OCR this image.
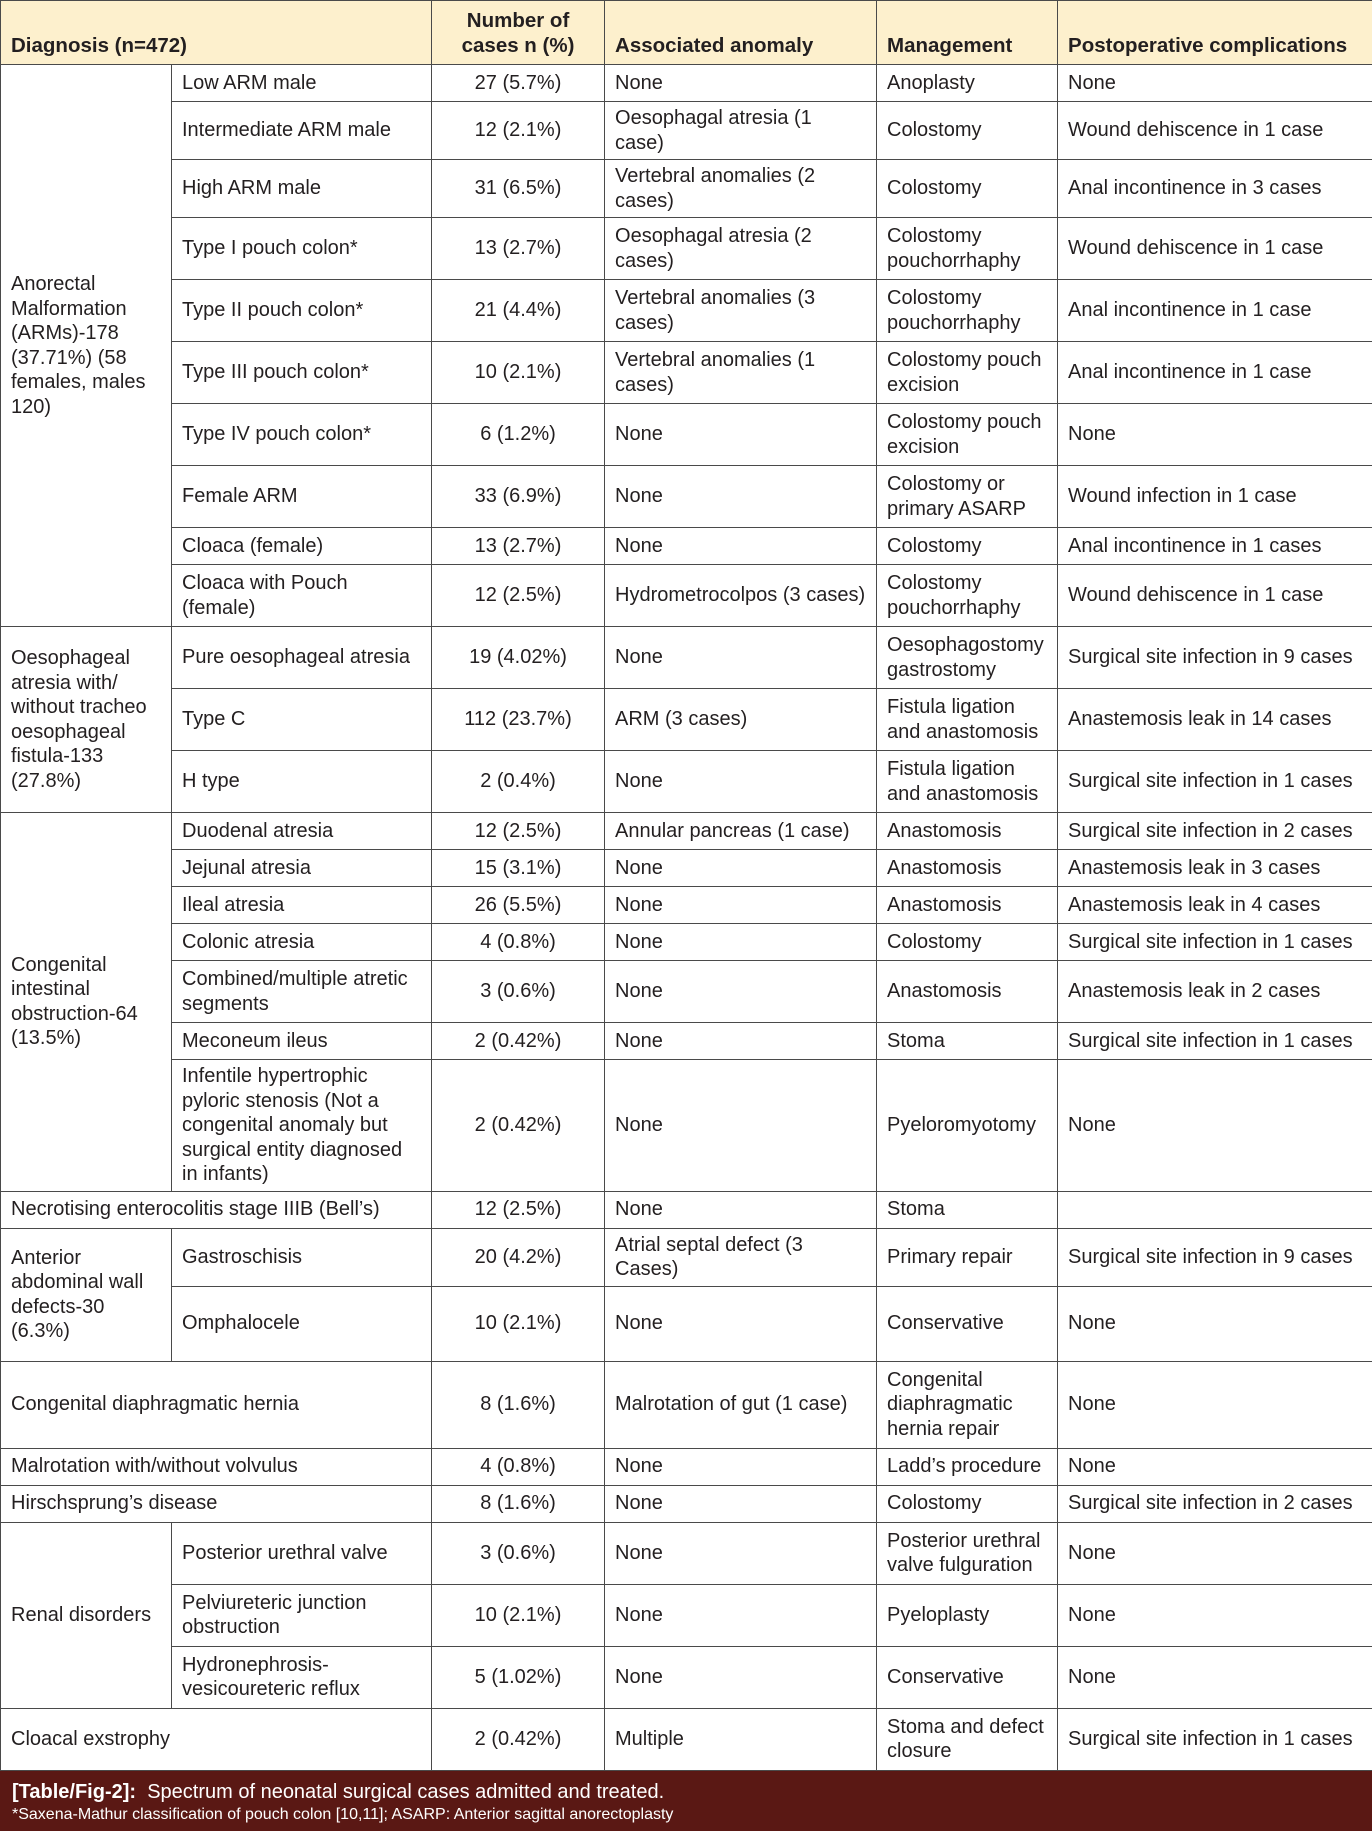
Diagnosis (n=472)		Number of cases n (%)	Associated anomaly	Management	Postoperative complications
Anorectal Malformation (ARMs)-178 (37.71%) (58 females, males 120)	Low ARM male	27 (5.7%)	None	Anoplasty	None
	Intermediate ARM male	12 (2.1%)	Oesophagal atresia (1 case)	Colostomy	Wound dehiscence in 1 case
	High ARM male	31 (6.5%)	Vertebral anomalies (2 cases)	Colostomy	Anal incontinence in 3 cases
	Type I pouch colon*	13 (2.7%)	Oesophagal atresia (2 cases)	Colostomy pouchorrhaphy	Wound dehiscence in 1 case
	Type II pouch colon*	21 (4.4%)	Vertebral anomalies (3 cases)	Colostomy pouchorrhaphy	Anal incontinence in 1 case
	Type III pouch colon*	10 (2.1%)	Vertebral anomalies (1 cases)	Colostomy pouch excision	Anal incontinence in 1 case
	Type IV pouch colon*	6 (1.2%)	None	Colostomy pouch excision	None
	Female ARM	33 (6.9%)	None	Colostomy or primary ASARP	Wound infection in 1 case
	Cloaca (female)	13 (2.7%)	None	Colostomy	Anal incontinence in 1 cases
	Cloaca with Pouch (female)	12 (2.5%)	Hydrometrocolpos (3 cases)	Colostomy pouchorrhaphy	Wound dehiscence in 1 case
Oesophageal atresia with/ without tracheo oesophageal fistula-133 (27.8%)	Pure oesophageal atresia	19 (4.02%)	None	Oesophagostomy gastrostomy	Surgical site infection in 9 cases
	Type C	112 (23.7%)	ARM (3 cases)	Fistula ligation and anastomosis	Anastemosis leak in 14 cases
	H type	2 (0.4%)	None	Fistula ligation and anastomosis	Surgical site infection in 1 cases
Congenital intestinal obstruction-64 (13.5%)	Duodenal atresia	12 (2.5%)	Annular pancreas (1 case)	Anastomosis	Surgical site infection in 2 cases
	Jejunal atresia	15 (3.1%)	None	Anastomosis	Anastemosis leak in 3 cases
	Ileal atresia	26 (5.5%)	None	Anastomosis	Anastemosis leak in 4 cases
	Colonic atresia	4 (0.8%)	None	Colostomy	Surgical site infection in 1 cases
	Combined/multiple atretic segments	3 (0.6%)	None	Anastomosis	Anastemosis leak in 2 cases
	Meconeum ileus	2 (0.42%)	None	Stoma	Surgical site infection in 1 cases
	Infentile hypertrophic pyloric stenosis (Not a congenital anomaly but surgical entity diagnosed in infants)	2 (0.42%)	None	Pyeloromyotomy	None
Necrotising enterocolitis stage IIIB (Bell’s)		12 (2.5%)	None	Stoma	
Anterior abdominal wall defects-30 (6.3%)	Gastroschisis	20 (4.2%)	Atrial septal defect (3 Cases)	Primary repair	Surgical site infection in 9 cases
	Omphalocele	10 (2.1%)	None	Conservative	None
Congenital diaphragmatic hernia		8 (1.6%)	Malrotation of gut (1 case)	Congenital diaphragmatic hernia repair	None
Malrotation with/without volvulus		4 (0.8%)	None	Ladd’s procedure	None
Hirschsprung’s disease		8 (1.6%)	None	Colostomy	Surgical site infection in 2 cases
Renal disorders	Posterior urethral valve	3 (0.6%)	None	Posterior urethral valve fulguration	None
	Pelviureteric junction obstruction	10 (2.1%)	None	Pyeloplasty	None
	Hydronephrosis-vesicoureteric reflux	5 (1.02%)	None	Conservative	None
Cloacal exstrophy		2 (0.42%)	Multiple	Stoma and defect closure	Surgical site infection in 1 cases
[Table/Fig-2]: Spectrum of neonatal surgical cases admitted and treated.
*Saxena-Mathur classification of pouch colon [10,11]; ASARP: Anterior sagittal anorectoplasty
